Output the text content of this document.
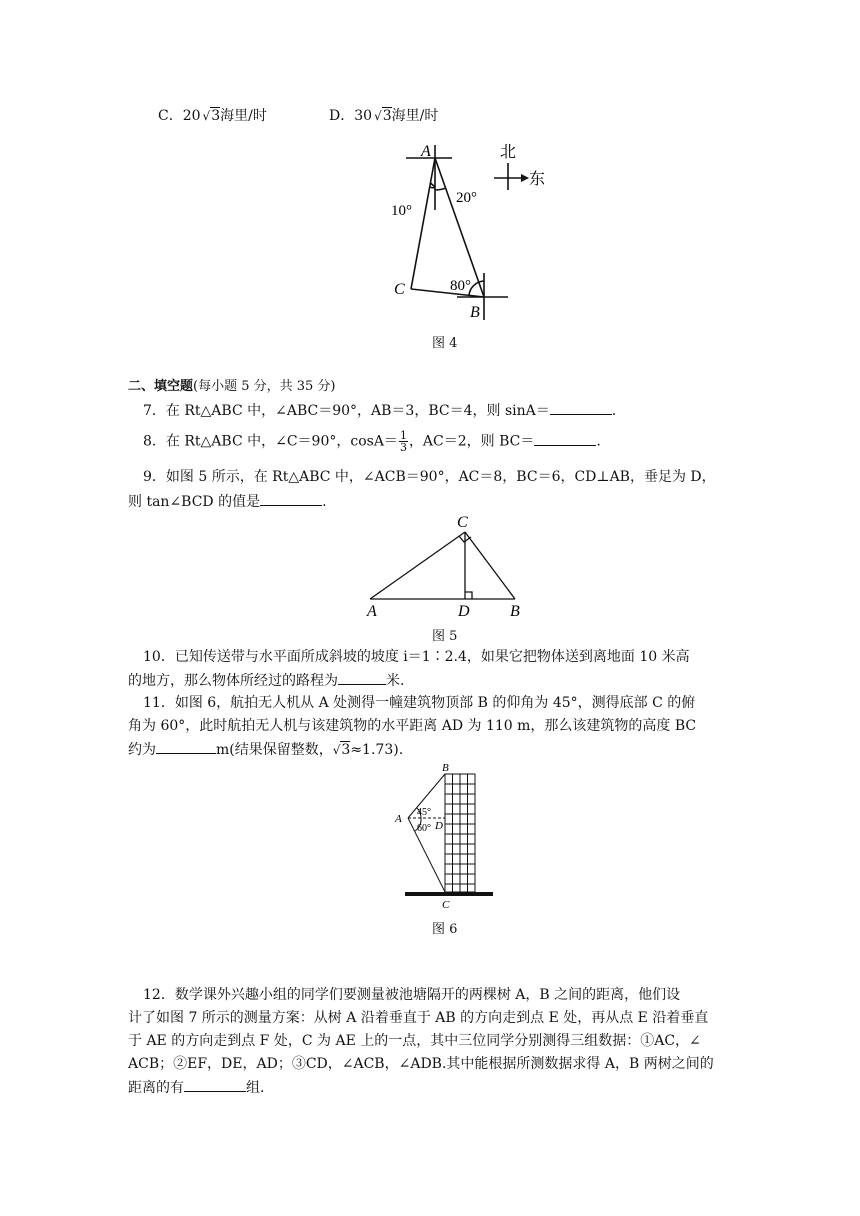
C．20 √3海里/时	D．30 √3海里/时
北
东
A
C
B
10°
20°
80°
图 4
二、填空题(每小题 5 分，共 35 分)
7．在 Rt△ABC 中，∠ABC＝90°，AB＝3，BC＝4，则 sinA＝	.
8．在 Rt△ABC 中，∠C＝90°，$\cos A= \frac{1}{3}$ ，AC＝2，则 BC＝	.
9．如图 5 所示，在 Rt△ABC 中，∠ACB＝90°，AC＝8，BC＝6，CD⊥AB，垂足为 D，
则 tan∠BCD 的值是	.
C
A	D	B
图 5
10．已知传送带与水平面所成斜坡的坡度 i＝1∶2.4，如果它把物体送到离地面 10 米高
的地方，那么物体所经过的路程为	米.
11．如图 6，航拍无人机从 A 处测得一幢建筑物顶部 B 的仰角为 45°，测得底部 C 的俯
角为 60°，此时航拍无人机与该建筑物的水平距离 AD 为 110 m，那么该建筑物的高度 BC
约为	m(结果保留整数，√3≈1.73).
B
A
D
C
45°
60°
图 6
12．数学课外兴趣小组的同学们要测量被池塘隔开的两棵树 A，B 之间的距离，他们设
计了如图 7 所示的测量方案：从树 A 沿着垂直于 AB 的方向走到点 E 处，再从点 E 沿着垂直
于 AE 的方向走到点 F 处，C 为 AE 上的一点，其中三位同学分别测得三组数据：①AC，∠
ACB；②EF，DE，AD；③CD，∠ACB，∠ADB.其中能根据所测数据求得 A，B 两树之间的
距离的有	组.
